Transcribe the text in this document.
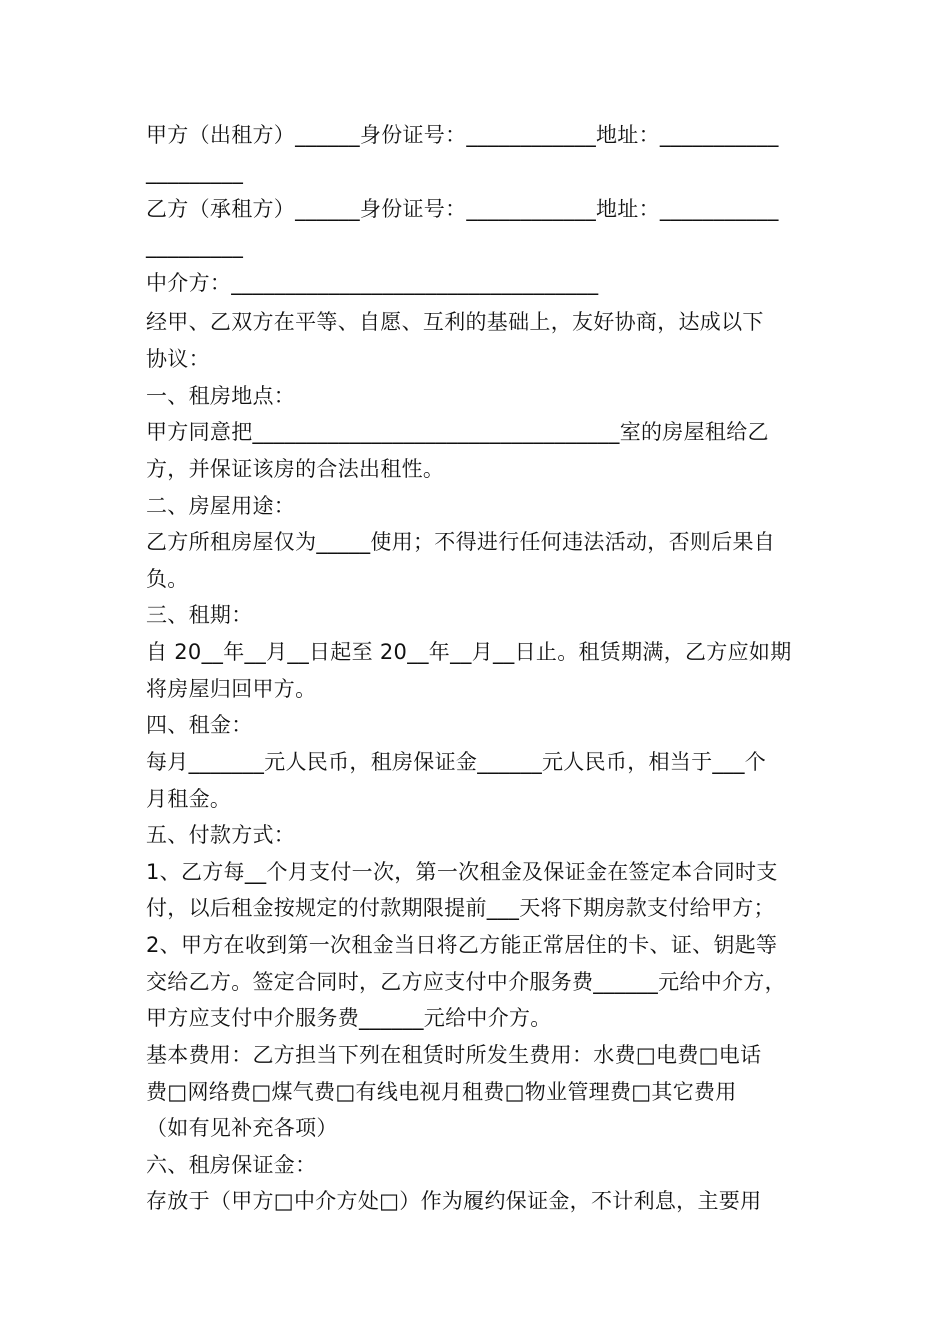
甲方（出租方）______身份证号：____________地址：___________
_________
乙方（承租方）______身份证号：____________地址：___________
_________
中介方：__________________________________
经甲、乙双方在平等、自愿、互利的基础上，友好协商，达成以下
协议：
一、租房地点：
甲方同意把__________________________________室的房屋租给乙
方，并保证该房的合法出租性。
二、房屋用途：
乙方所租房屋仅为_____使用；不得进行任何违法活动，否则后果自
负。
三、租期：
自 20__年__月__日起至 20__年__月__日止。租赁期满，乙方应如期
将房屋归回甲方。
四、租金：
每月_______元人民币，租房保证金______元人民币，相当于___个
月租金。
五、付款方式：
1、乙方每__个月支付一次，第一次租金及保证金在签定本合同时支
付，以后租金按规定的付款期限提前___天将下期房款支付给甲方；
2、甲方在收到第一次租金当日将乙方能正常居住的卡、证、钥匙等
交给乙方。签定合同时，乙方应支付中介服务费______元给中介方，
甲方应支付中介服务费______元给中介方。
基本费用：乙方担当下列在租赁时所发生费用：水费□电费□电话
费□网络费□煤气费□有线电视月租费□物业管理费□其它费用
（如有见补充各项）
六、租房保证金：
存放于（甲方□中介方处□）作为履约保证金，不计利息，主要用
